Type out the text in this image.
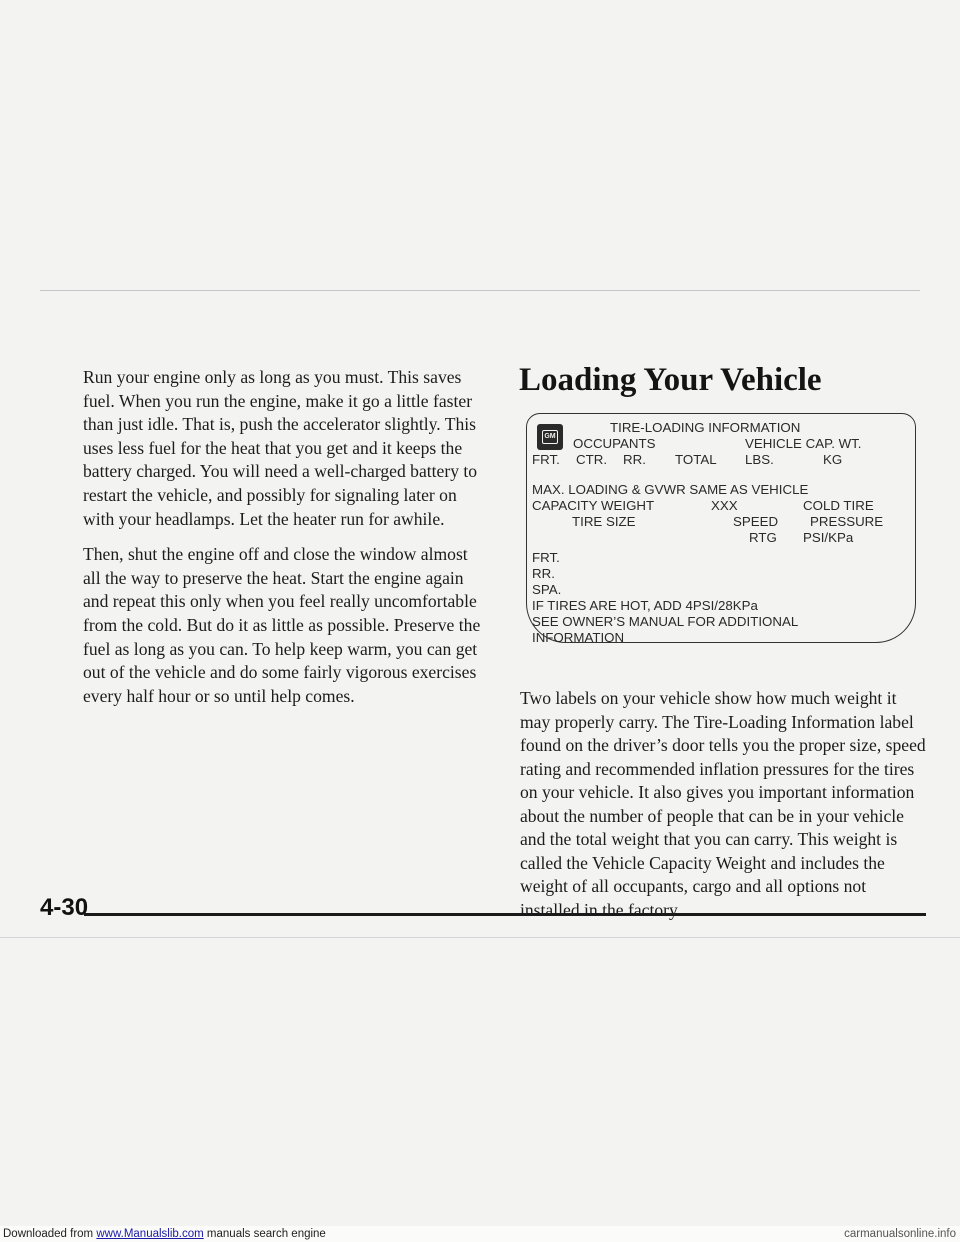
Run your engine only as long as you must. This saves fuel. When you run the engine, make it go a little faster than just idle. That is, push the accelerator slightly. This uses less fuel for the heat that you get and it keeps the battery charged. You will need a well-charged battery to restart the vehicle, and possibly for signaling later on with your headlamps. Let the heater run for awhile.

Then, shut the engine off and close the window almost all the way to preserve the heat. Start the engine again and repeat this only when you feel really uncomfortable from the cold. But do it as little as possible. Preserve the fuel as long as you can. To help keep warm, you can get out of the vehicle and do some fairly vigorous exercises every half hour or so until help comes.

Loading Your Vehicle
GM
TIRE-LOADING INFORMATION
OCCUPANTS	VEHICLE CAP. WT.
FRT. CTR. RR. TOTAL LBS.	KG
MAX. LOADING & GVWR SAME AS VEHICLE
CAPACITY WEIGHT	XXX	COLD TIRE
TIRE SIZE	SPEED PRESSURE
RTG PSI/KPa
FRT.
RR.
SPA.
IF TIRES ARE HOT, ADD 4PSI/28KPa
SEE OWNER’S MANUAL FOR ADDITIONAL
INFORMATION

Two labels on your vehicle show how much weight it may properly carry. The Tire-Loading Information label found on the driver’s door tells you the proper size, speed rating and recommended inflation pressures for the tires on your vehicle. It also gives you important information about the number of people that can be in your vehicle and the total weight that you can carry. This weight is called the Vehicle Capacity Weight and includes the weight of all occupants, cargo and all options not installed in the factory.

4-30

Downloaded from www.Manualslib.com manuals search engine	carmanualsonline.info
